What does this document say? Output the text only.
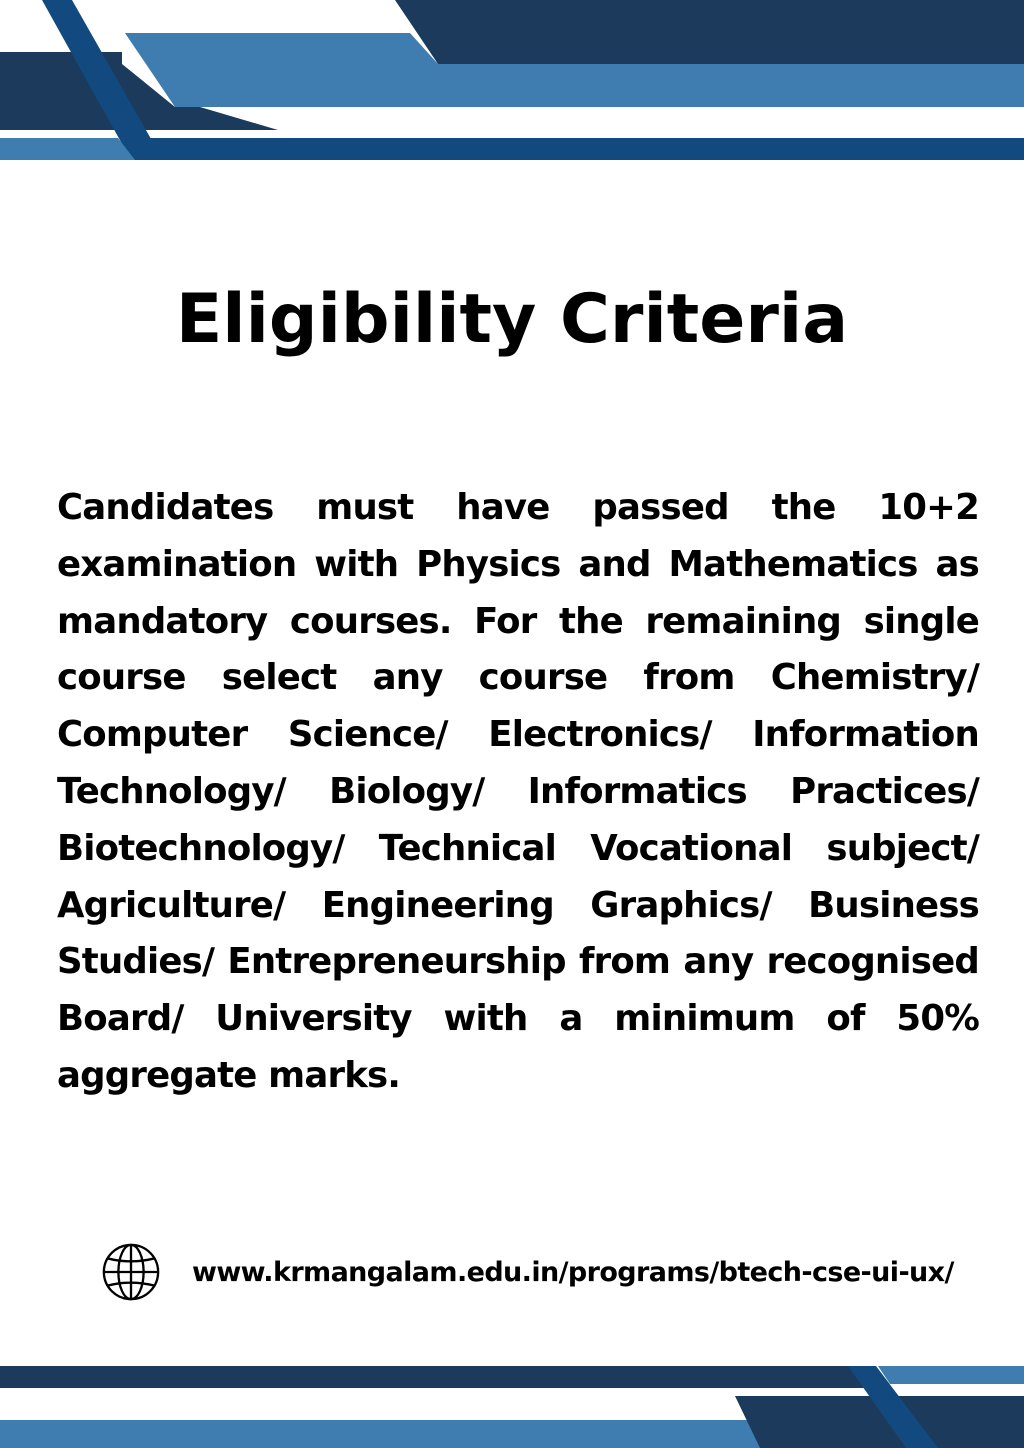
Eligibility Criteria

Candidates must have passed the 10+2 examination with Physics and Mathematics as mandatory courses. For the remaining single course select any course from Chemistry/ Computer Science/ Electronics/ Information Technology/ Biology/ Informatics Practices/ Biotechnology/ Technical Vocational subject/ Agriculture/ Engineering Graphics/ Business Studies/ Entrepreneurship from any recognised Board/ University with a minimum of 50% aggregate marks.

www.krmangalam.edu.in/programs/btech-cse-ui-ux/
